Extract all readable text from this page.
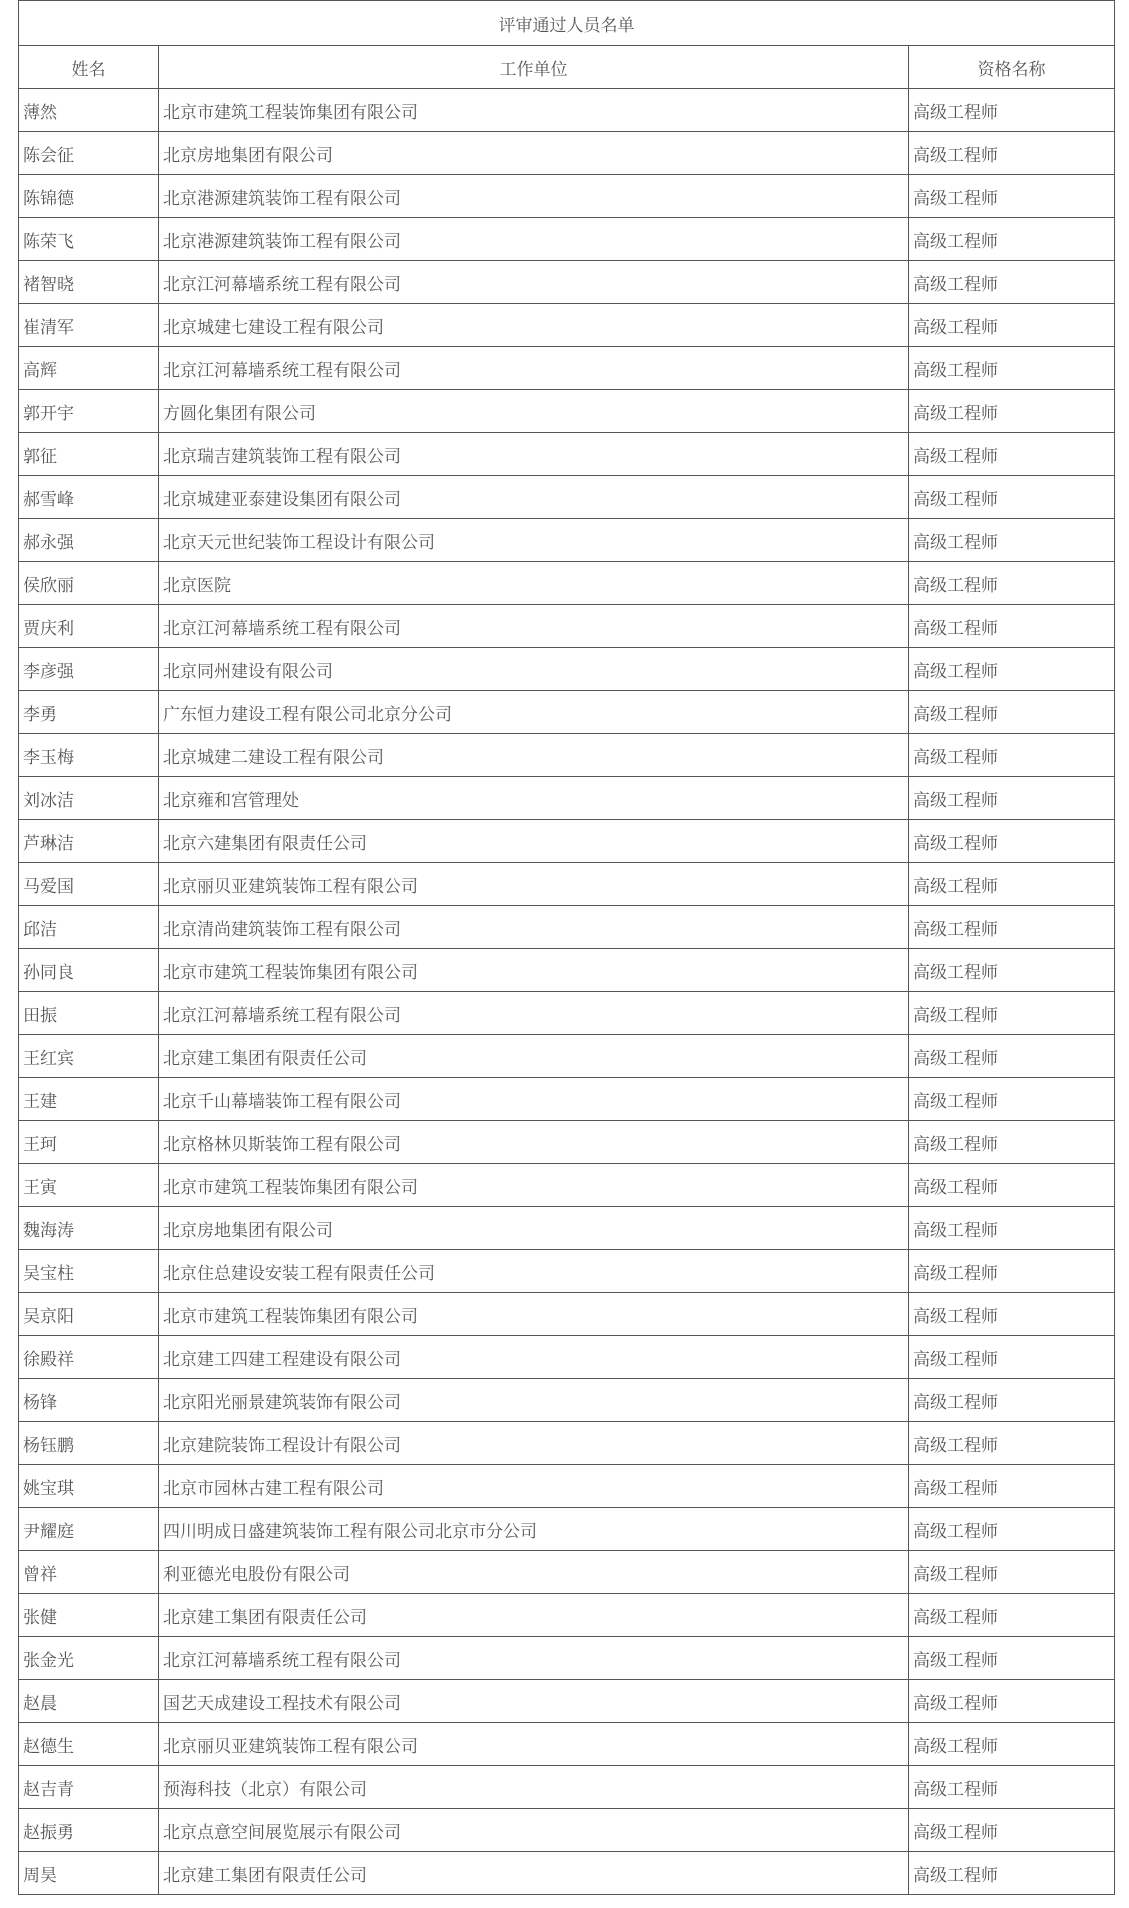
评审通过人员名单		
姓名	工作单位	资格名称
薄然	北京市建筑工程装饰集团有限公司	高级工程师
陈会征	北京房地集团有限公司	高级工程师
陈锦德	北京港源建筑装饰工程有限公司	高级工程师
陈荣飞	北京港源建筑装饰工程有限公司	高级工程师
褚智晓	北京江河幕墙系统工程有限公司	高级工程师
崔清军	北京城建七建设工程有限公司	高级工程师
高辉	北京江河幕墙系统工程有限公司	高级工程师
郭开宇	方圆化集团有限公司	高级工程师
郭征	北京瑞吉建筑装饰工程有限公司	高级工程师
郝雪峰	北京城建亚泰建设集团有限公司	高级工程师
郝永强	北京天元世纪装饰工程设计有限公司	高级工程师
侯欣丽	北京医院	高级工程师
贾庆利	北京江河幕墙系统工程有限公司	高级工程师
李彦强	北京同州建设有限公司	高级工程师
李勇	广东恒力建设工程有限公司北京分公司	高级工程师
李玉梅	北京城建二建设工程有限公司	高级工程师
刘冰洁	北京雍和宫管理处	高级工程师
芦琳洁	北京六建集团有限责任公司	高级工程师
马爱国	北京丽贝亚建筑装饰工程有限公司	高级工程师
邱洁	北京清尚建筑装饰工程有限公司	高级工程师
孙同良	北京市建筑工程装饰集团有限公司	高级工程师
田振	北京江河幕墙系统工程有限公司	高级工程师
王红宾	北京建工集团有限责任公司	高级工程师
王建	北京千山幕墙装饰工程有限公司	高级工程师
王珂	北京格林贝斯装饰工程有限公司	高级工程师
王寅	北京市建筑工程装饰集团有限公司	高级工程师
魏海涛	北京房地集团有限公司	高级工程师
吴宝柱	北京住总建设安装工程有限责任公司	高级工程师
吴京阳	北京市建筑工程装饰集团有限公司	高级工程师
徐殿祥	北京建工四建工程建设有限公司	高级工程师
杨锋	北京阳光丽景建筑装饰有限公司	高级工程师
杨钰鹏	北京建院装饰工程设计有限公司	高级工程师
姚宝琪	北京市园林古建工程有限公司	高级工程师
尹耀庭	四川明成日盛建筑装饰工程有限公司北京市分公司	高级工程师
曾祥	利亚德光电股份有限公司	高级工程师
张健	北京建工集团有限责任公司	高级工程师
张金光	北京江河幕墙系统工程有限公司	高级工程师
赵晨	国艺天成建设工程技术有限公司	高级工程师
赵德生	北京丽贝亚建筑装饰工程有限公司	高级工程师
赵吉青	预海科技（北京）有限公司	高级工程师
赵振勇	北京点意空间展览展示有限公司	高级工程师
周昊	北京建工集团有限责任公司	高级工程师
